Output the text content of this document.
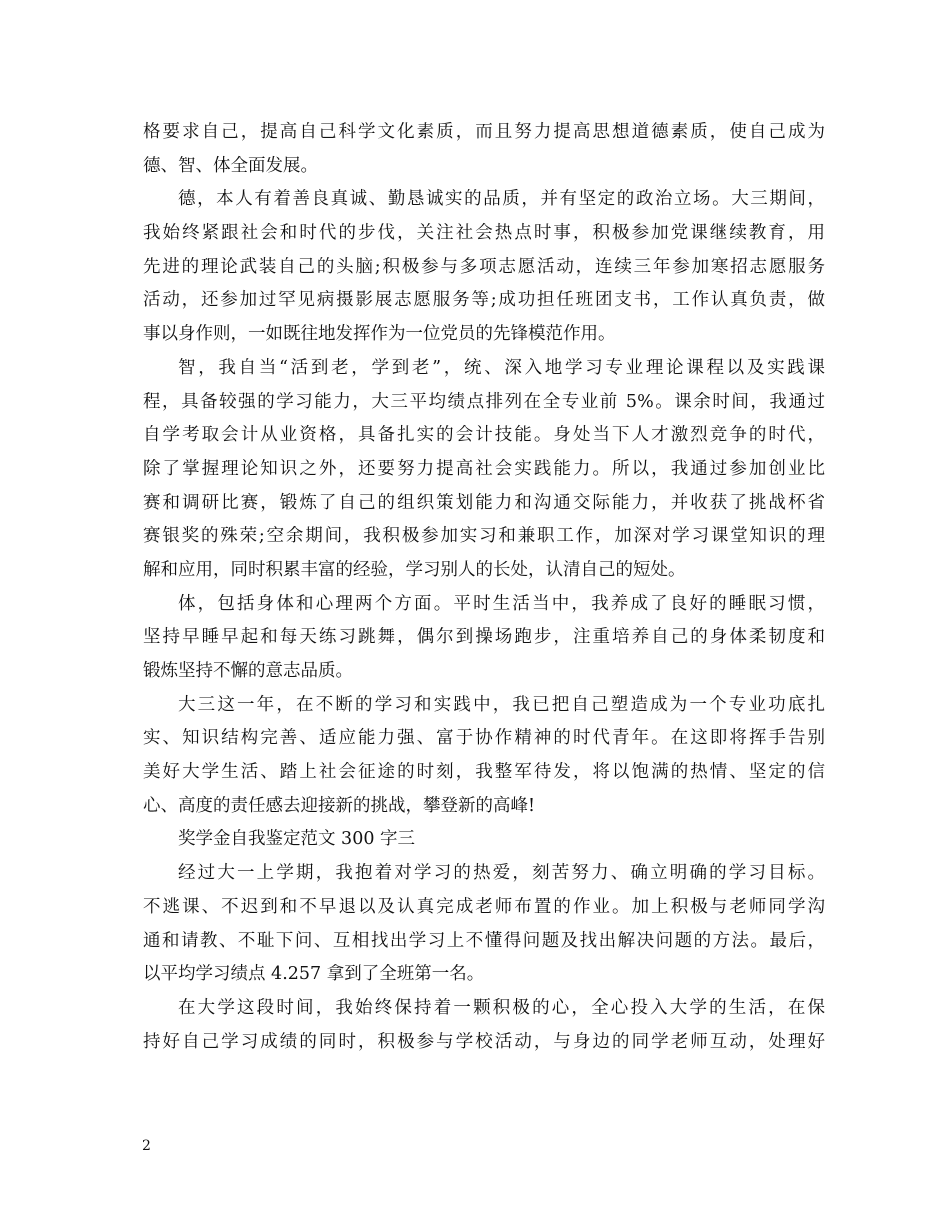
格要求自己，提高自己科学文化素质，而且努力提高思想道德素质，使自己成为
德、智、体全面发展。
德，本人有着善良真诚、勤恳诚实的品质，并有坚定的政治立场。大三期间，
我始终紧跟社会和时代的步伐，关注社会热点时事，积极参加党课继续教育，用
先进的理论武装自己的头脑;积极参与多项志愿活动，连续三年参加寒招志愿服务
活动，还参加过罕见病摄影展志愿服务等;成功担任班团支书，工作认真负责，做
事以身作则，一如既往地发挥作为一位党员的先锋模范作用。
智，我自当“活到老，学到老”，统、深入地学习专业理论课程以及实践课
程，具备较强的学习能力，大三平均绩点排列在全专业前 5%。课余时间，我通过
自学考取会计从业资格，具备扎实的会计技能。身处当下人才激烈竞争的时代，
除了掌握理论知识之外，还要努力提高社会实践能力。所以，我通过参加创业比
赛和调研比赛，锻炼了自己的组织策划能力和沟通交际能力，并收获了挑战杯省
赛银奖的殊荣;空余期间，我积极参加实习和兼职工作，加深对学习课堂知识的理
解和应用，同时积累丰富的经验，学习别人的长处，认清自己的短处。
体，包括身体和心理两个方面。平时生活当中，我养成了良好的睡眠习惯，
坚持早睡早起和每天练习跳舞，偶尔到操场跑步，注重培养自己的身体柔韧度和
锻炼坚持不懈的意志品质。
大三这一年，在不断的学习和实践中，我已把自己塑造成为一个专业功底扎
实、知识结构完善、适应能力强、富于协作精神的时代青年。在这即将挥手告别
美好大学生活、踏上社会征途的时刻，我整军待发，将以饱满的热情、坚定的信
心、高度的责任感去迎接新的挑战，攀登新的高峰!
奖学金自我鉴定范文 300 字三
经过大一上学期，我抱着对学习的热爱，刻苦努力、确立明确的学习目标。
不逃课、不迟到和不早退以及认真完成老师布置的作业。加上积极与老师同学沟
通和请教、不耻下问、互相找出学习上不懂得问题及找出解决问题的方法。最后，
以平均学习绩点 4.257 拿到了全班第一名。
在大学这段时间，我始终保持着一颗积极的心，全心投入大学的生活，在保
持好自己学习成绩的同时，积极参与学校活动，与身边的同学老师互动，处理好
2
